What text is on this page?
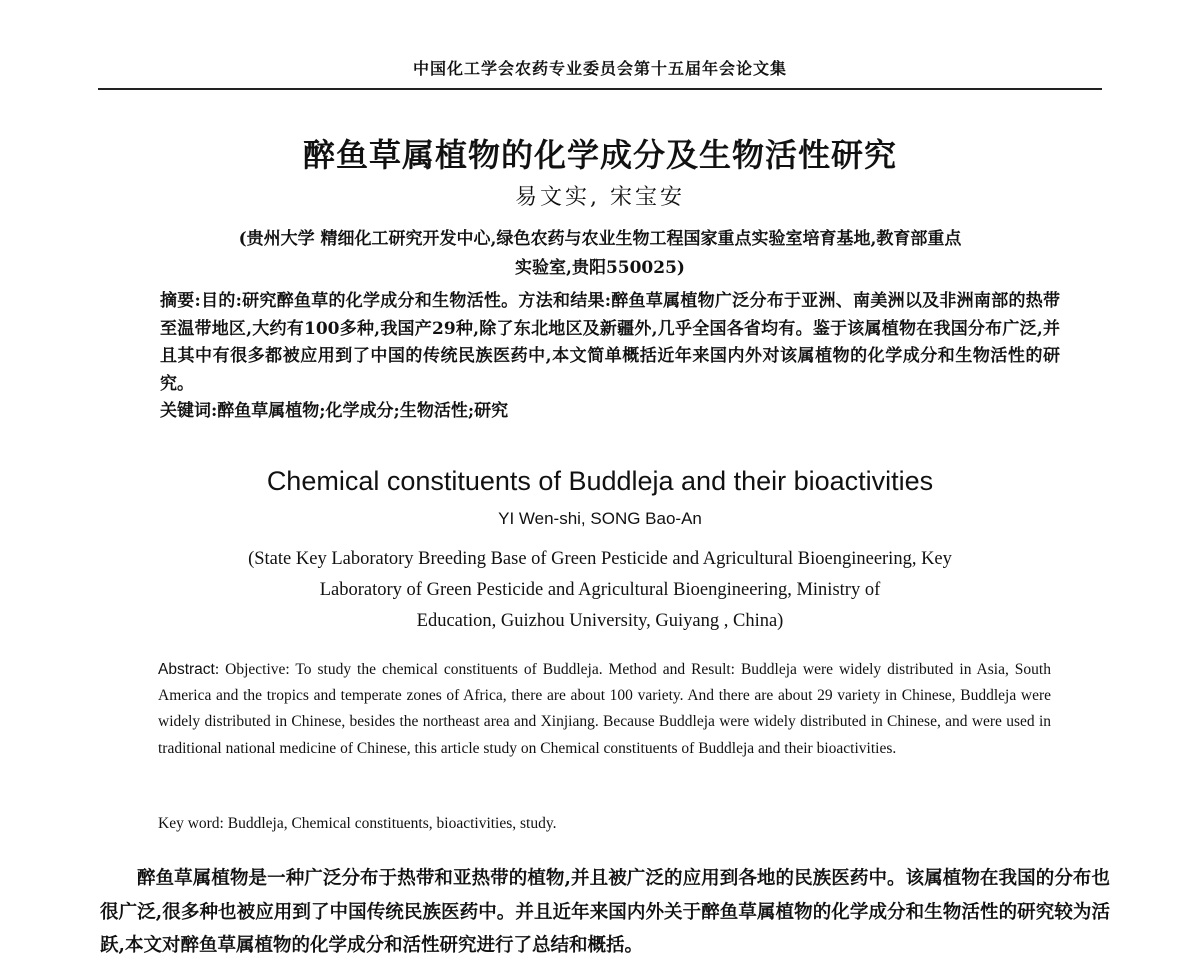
中国化工学会农药专业委员会第十五届年会论文集
醉鱼草属植物的化学成分及生物活性研究
易文实, 宋宝安
(贵州大学 精细化工研究开发中心,绿色农药与农业生物工程国家重点实验室培育基地,教育部重点
实验室,贵阳550025)
摘要:目的:研究醉鱼草的化学成分和生物活性。方法和结果:醉鱼草属植物广泛分布于亚洲、南美洲以及非洲南部的热带至温带地区,大约有100多种,我国产29种,除了东北地区及新疆外,几乎全国各省均有。鉴于该属植物在我国分布广泛,并且其中有很多都被应用到了中国的传统民族医药中,本文简单概括近年来国内外对该属植物的化学成分和生物活性的研究。
关键词:醉鱼草属植物;化学成分;生物活性;研究
Chemical constituents of Buddleja and their bioactivities
YI Wen-shi, SONG Bao-An
(State Key Laboratory Breeding Base of Green Pesticide and Agricultural Bioengineering, Key
Laboratory of Green Pesticide and Agricultural Bioengineering, Ministry of
Education, Guizhou University, Guiyang , China)
Abstract: Objective: To study the chemical constituents of Buddleja. Method and Result: Buddleja were widely distributed in Asia, South America and the tropics and temperate zones of Africa, there are about 100 variety. And there are about 29 variety in Chinese, Buddleja were widely distributed in Chinese, besides the northeast area and Xinjiang. Because Buddleja were widely distributed in Chinese, and were used in traditional national medicine of Chinese, this article study on Chemical constituents of Buddleja and their bioactivities.
Key word: Buddleja, Chemical constituents, bioactivities, study.
醉鱼草属植物是一种广泛分布于热带和亚热带的植物,并且被广泛的应用到各地的民族医药中。该属植物在我国的分布也很广泛,很多种也被应用到了中国传统民族医药中。并且近年来国内外关于醉鱼草属植物的化学成分和生物活性的研究较为活跃,本文对醉鱼草属植物的化学成分和活性研究进行了总结和概括。
